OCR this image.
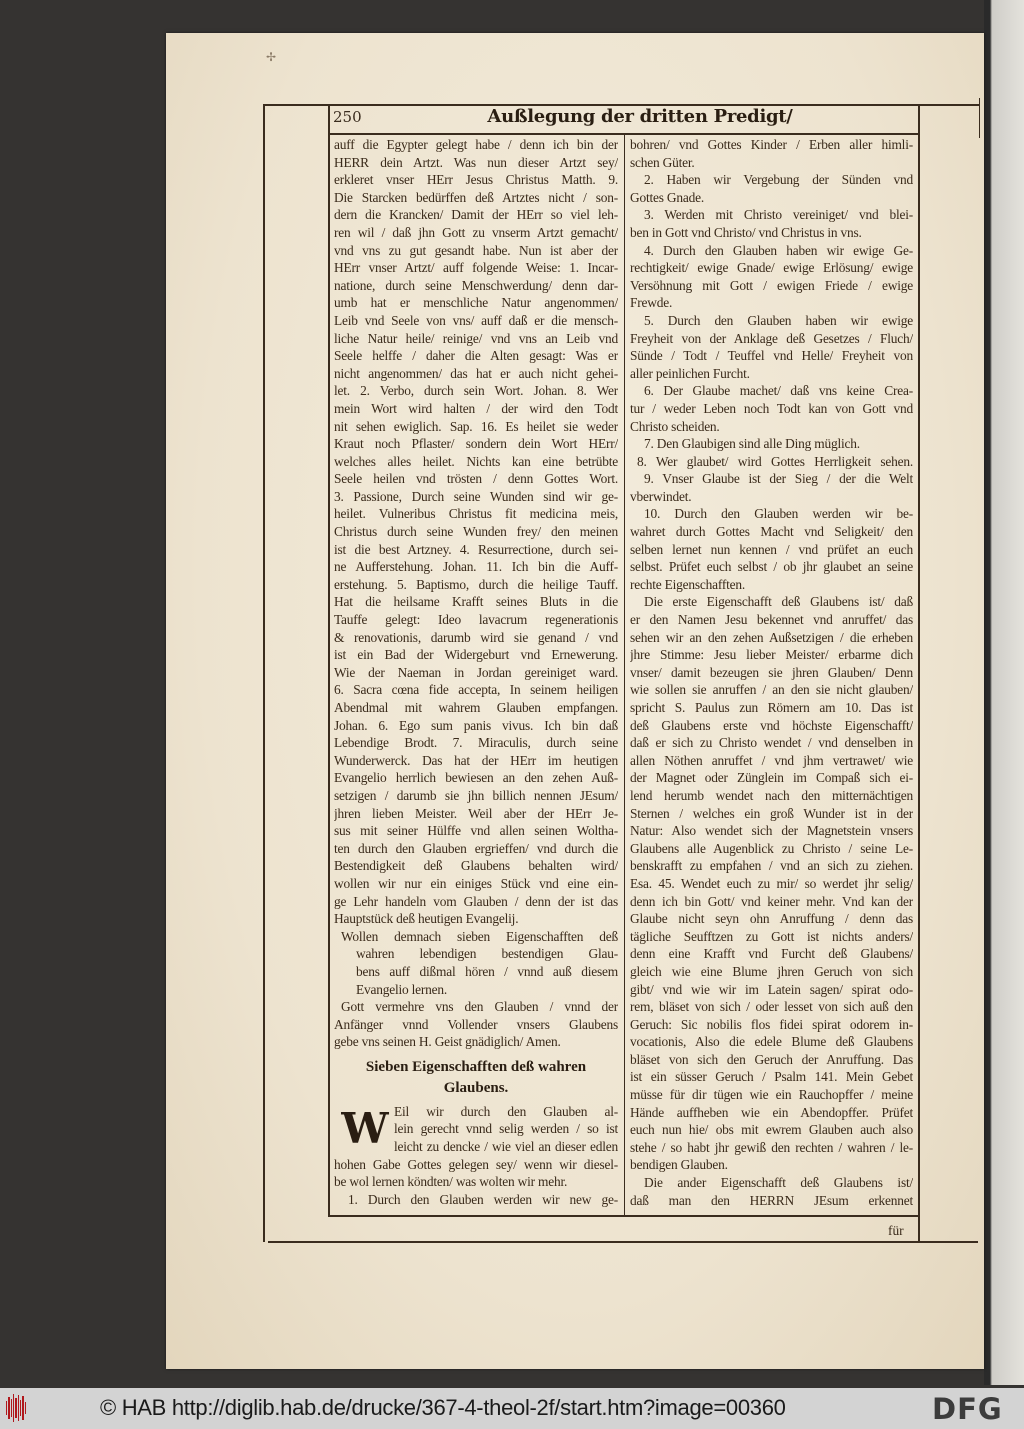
✢
250	Außlegung der dritten Predigt/
auff die Egypter gelegt habe / denn ich bin der
HERR dein Artzt. Was nun dieser Artzt sey/
erkleret vnser HErr Jesus Christus Matth. 9.
Die Starcken bedürffen deß Artztes nicht / son-
dern die Krancken/ Damit der HErr so viel leh-
ren wil / daß jhn Gott zu vnserm Artzt gemacht/
vnd vns zu gut gesandt habe. Nun ist aber der
HErr vnser Artzt/ auff folgende Weise: 1. Incar-
natione, durch seine Menschwerdung/ denn dar-
umb hat er menschliche Natur angenommen/
Leib vnd Seele von vns/ auff daß er die mensch-
liche Natur heile/ reinige/ vnd vns an Leib vnd
Seele helffe / daher die Alten gesagt: Was er
nicht angenommen/ das hat er auch nicht gehei-
let. 2. Verbo, durch sein Wort. Johan. 8. Wer
mein Wort wird halten / der wird den Todt
nit sehen ewiglich. Sap. 16. Es heilet sie weder
Kraut noch Pflaster/ sondern dein Wort HErr/
welches alles heilet. Nichts kan eine betrübte
Seele heilen vnd trösten / denn Gottes Wort.
3. Passione, Durch seine Wunden sind wir ge-
heilet. Vulneribus Christus fit medicina meis,
Christus durch seine Wunden frey/ den meinen
ist die best Artzney. 4. Resurrectione, durch sei-
ne Aufferstehung. Johan. 11. Ich bin die Auff-
erstehung. 5. Baptismo, durch die heilige Tauff.
Hat die heilsame Krafft seines Bluts in die
Tauffe gelegt: Ideo lavacrum regenerationis
& renovationis, darumb wird sie genand / vnd
ist ein Bad der Widergeburt vnd Ernewerung.
Wie der Naeman in Jordan gereiniget ward.
6. Sacra cœna fide accepta, In seinem heiligen
Abendmal mit wahrem Glauben empfangen.
Johan. 6. Ego sum panis vivus. Ich bin daß
Lebendige Brodt. 7. Miraculis, durch seine
Wunderwerck. Das hat der HErr im heutigen
Evangelio herrlich bewiesen an den zehen Auß-
setzigen / darumb sie jhn billich nennen JEsum/
jhren lieben Meister. Weil aber der HErr Je-
sus mit seiner Hülffe vnd allen seinen Woltha-
ten durch den Glauben ergrieffen/ vnd durch die
Bestendigkeit deß Glaubens behalten wird/
wollen wir nur ein einiges Stück vnd eine ein-
ge Lehr handeln vom Glauben / denn der ist das
Hauptstück deß heutigen Evangelij.
Wollen demnach sieben Eigenschafften deß
wahren lebendigen bestendigen Glau-
bens auff dißmal hören / vnnd auß diesem
Evangelio lernen.
Gott vermehre vns den Glauben / vnnd der
Anfänger vnnd Vollender vnsers Glaubens
gebe vns seinen H. Geist gnädiglich/ Amen.
Sieben Eigenschafften deß wahren
Glaubens.
W Eil wir durch den Glauben al-
lein gerecht vnnd selig werden / so ist
leicht zu dencke / wie viel an dieser edlen
hohen Gabe Gottes gelegen sey/ wenn wir diesel-
be wol lernen köndten/ was wolten wir mehr.
1. Durch den Glauben werden wir new ge-
bohren/ vnd Gottes Kinder / Erben aller himli-
schen Güter.
2. Haben wir Vergebung der Sünden vnd
Gottes Gnade.
3. Werden mit Christo vereiniget/ vnd blei-
ben in Gott vnd Christo/ vnd Christus in vns.
4. Durch den Glauben haben wir ewige Ge-
rechtigkeit/ ewige Gnade/ ewige Erlösung/ ewige
Versöhnung mit Gott / ewigen Friede / ewige
Frewde.
5. Durch den Glauben haben wir ewige
Freyheit von der Anklage deß Gesetzes / Fluch/
Sünde / Todt / Teuffel vnd Helle/ Freyheit von
aller peinlichen Furcht.
6. Der Glaube machet/ daß vns keine Crea-
tur / weder Leben noch Todt kan von Gott vnd
Christo scheiden.
7. Den Glaubigen sind alle Ding müglich.
8. Wer glaubet/ wird Gottes Herrligkeit sehen.
9. Vnser Glaube ist der Sieg / der die Welt
vberwindet.
10. Durch den Glauben werden wir be-
wahret durch Gottes Macht vnd Seligkeit/ den
selben lernet nun kennen / vnd prüfet an euch
selbst. Prüfet euch selbst / ob jhr glaubet an seine
rechte Eigenschafften.
Die erste Eigenschafft deß Glaubens ist/ daß
er den Namen Jesu bekennet vnd anruffet/ das
sehen wir an den zehen Außsetzigen / die erheben
jhre Stimme: Jesu lieber Meister/ erbarme dich
vnser/ damit bezeugen sie jhren Glauben/ Denn
wie sollen sie anruffen / an den sie nicht glauben/
spricht S. Paulus zun Römern am 10. Das ist
deß Glaubens erste vnd höchste Eigenschafft/
daß er sich zu Christo wendet / vnd denselben in
allen Nöthen anruffet / vnd jhm vertrawet/ wie
der Magnet oder Zünglein im Compaß sich ei-
lend herumb wendet nach den mitternächtigen
Sternen / welches ein groß Wunder ist in der
Natur: Also wendet sich der Magnetstein vnsers
Glaubens alle Augenblick zu Christo / seine Le-
benskrafft zu empfahen / vnd an sich zu ziehen.
Esa. 45. Wendet euch zu mir/ so werdet jhr selig/
denn ich bin Gott/ vnd keiner mehr. Vnd kan der
Glaube nicht seyn ohn Anruffung / denn das
tägliche Seufftzen zu Gott ist nichts anders/
denn eine Krafft vnd Furcht deß Glaubens/
gleich wie eine Blume jhren Geruch von sich
gibt/ vnd wie wir im Latein sagen/ spirat odo-
rem, bläset von sich / oder lesset von sich auß den
Geruch: Sic nobilis flos fidei spirat odorem in-
vocationis, Also die edele Blume deß Glaubens
bläset von sich den Geruch der Anruffung. Das
ist ein süsser Geruch / Psalm 141. Mein Gebet
müsse für dir tügen wie ein Rauchopffer / meine
Hände auffheben wie ein Abendopffer. Prüfet
euch nun hie/ obs mit ewrem Glauben auch also
stehe / so habt jhr gewiß den rechten / wahren / le-
bendigen Glauben.
Die ander Eigenschafft deß Glaubens ist/
daß man den HERRN JEsum erkennet
für
© HAB http://diglib.hab.de/drucke/367-4-theol-2f/start.htm?image=00360	DFG
